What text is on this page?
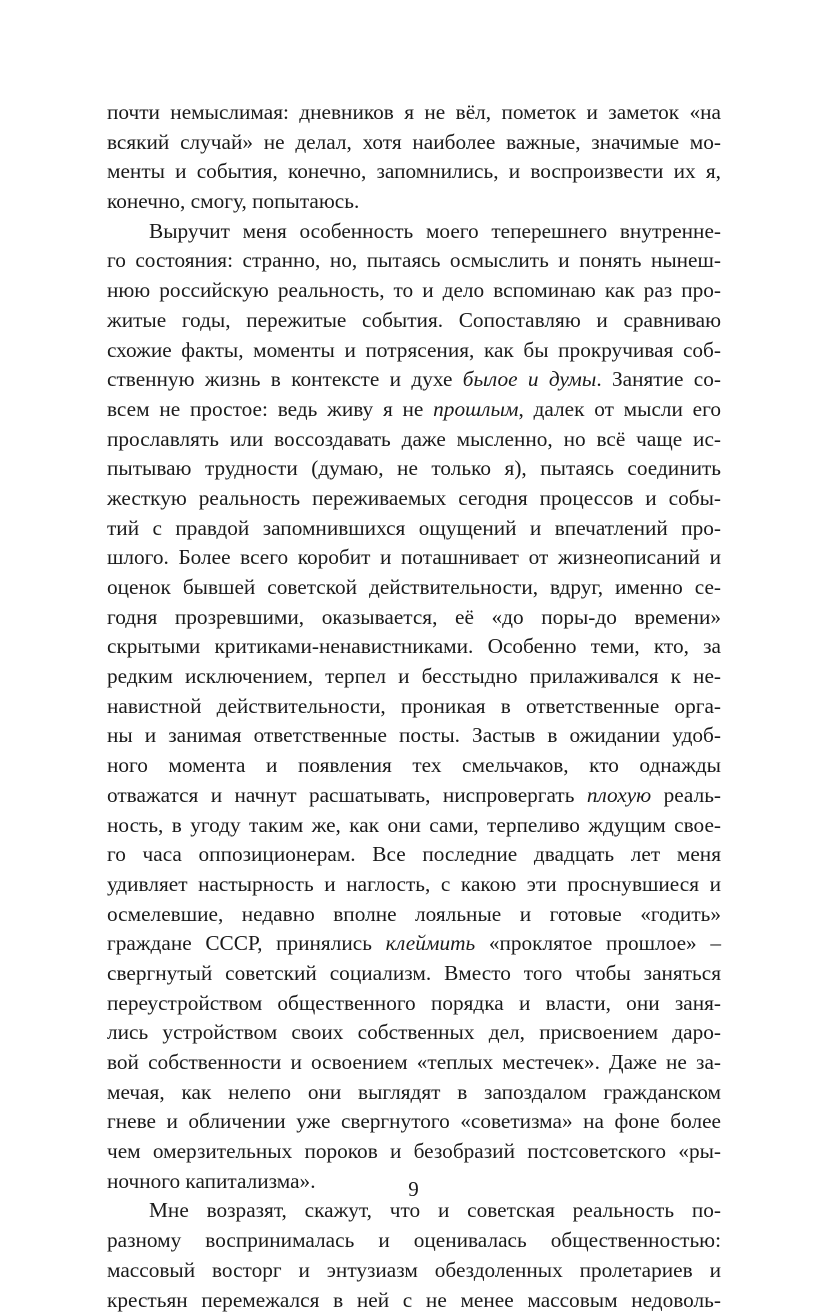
почти немыслимая: дневников я не вёл, пометок и заметок «на
всякий случай» не делал, хотя наиболее важные, значимые мо-
менты и события, конечно, запомнились, и воспроизвести их я,
конечно, смогу, попытаюсь.
Выручит меня особенность моего теперешнего внутренне-
го состояния: странно, но, пытаясь осмыслить и понять нынеш-
нюю российскую реальность, то и дело вспоминаю как раз про-
житые годы, пережитые события. Сопоставляю и сравниваю
схожие факты, моменты и потрясения, как бы прокручивая соб-
ственную жизнь в контексте и духе былое и думы. Занятие со-
всем не простое: ведь живу я не прошлым, далек от мысли его
прославлять или воссоздавать даже мысленно, но всё чаще ис-
пытываю трудности (думаю, не только я), пытаясь соединить
жесткую реальность переживаемых сегодня процессов и собы-
тий с правдой запомнившихся ощущений и впечатлений про-
шлого. Более всего коробит и поташнивает от жизнеописаний и
оценок бывшей советской действительности, вдруг, именно се-
годня прозревшими, оказывается, её «до поры-до времени»
скрытыми критиками-ненавистниками. Особенно теми, кто, за
редким исключением, терпел и бесстыдно прилаживался к не-
навистной действительности, проникая в ответственные орга-
ны и занимая ответственные посты. Застыв в ожидании удоб-
ного момента и появления тех смельчаков, кто однажды
отважатся и начнут расшатывать, ниспровергать плохую реаль-
ность, в угоду таким же, как они сами, терпеливо ждущим свое-
го часа оппозиционерам. Все последние двадцать лет меня
удивляет настырность и наглость, с какою эти проснувшиеся и
осмелевшие, недавно вполне лояльные и готовые «годить»
граждане СССР, принялись клеймить «проклятое прошлое» –
свергнутый советский социализм. Вместо того чтобы заняться
переустройством общественного порядка и власти, они заня-
лись устройством своих собственных дел, присвоением даро-
вой собственности и освоением «теплых местечек». Даже не за-
мечая, как нелепо они выглядят в запоздалом гражданском
гневе и обличении уже свергнутого «советизма» на фоне более
чем омерзительных пороков и безобразий постсоветского «ры-
ночного капитализма».
Мне возразят, скажут, что и советская реальность по-
разному воспринималась и оценивалась общественностью:
массовый восторг и энтузиазм обездоленных пролетариев и
крестьян перемежался в ней с не менее массовым недоволь-
9
